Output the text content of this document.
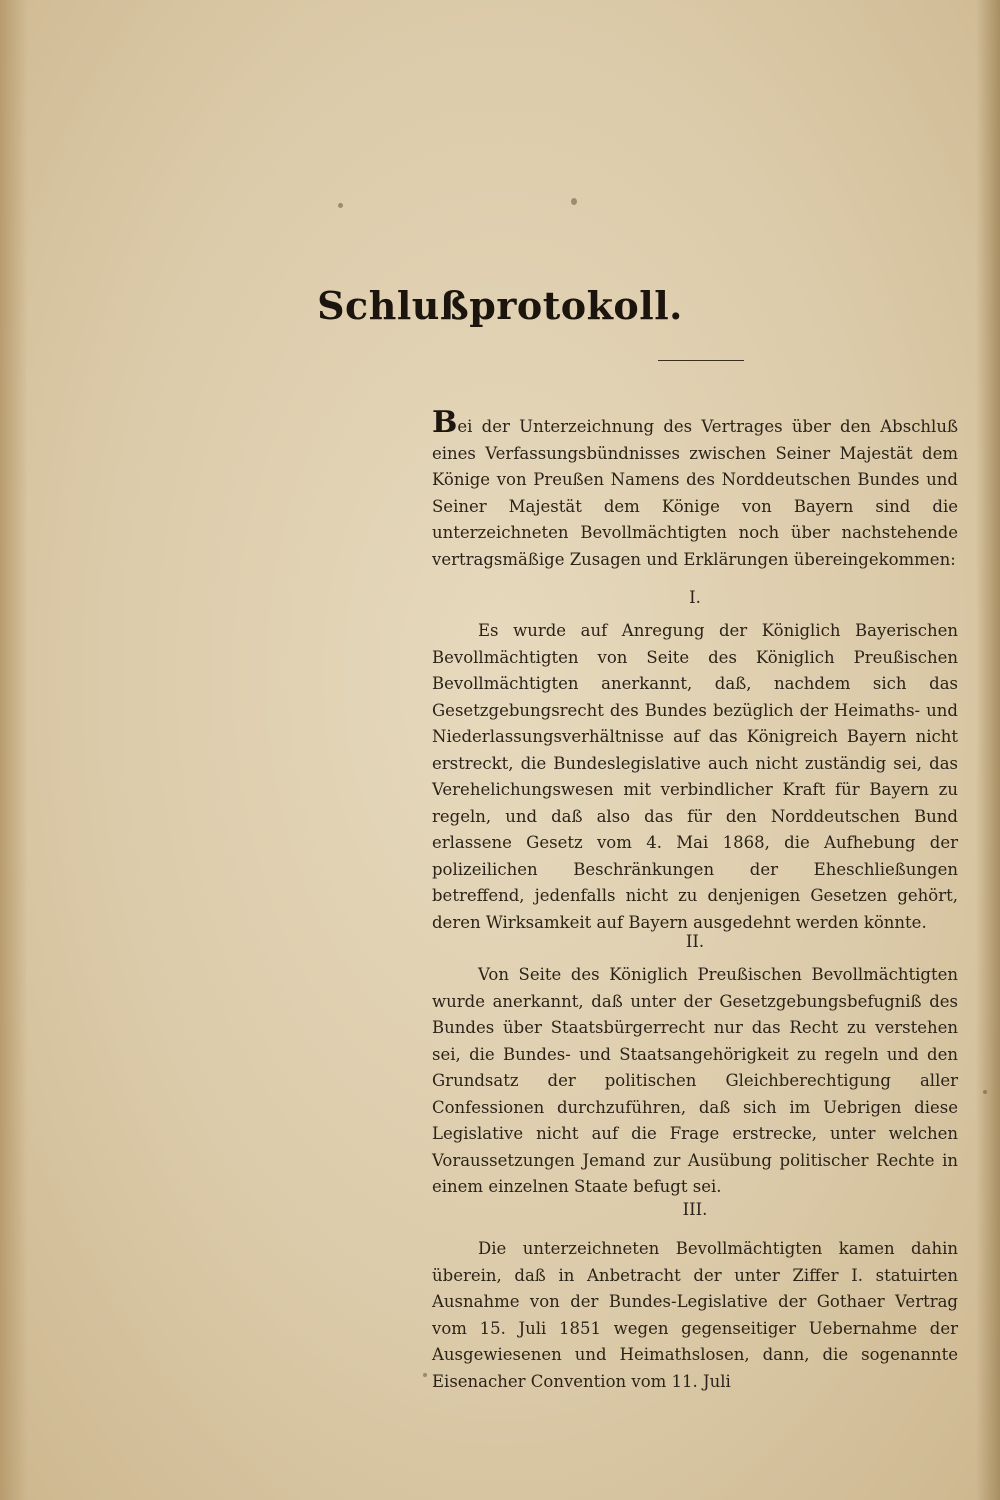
Schlußprotokoll.
Bei der Unterzeichnung des Vertrages über den Abschluß eines Verfassungsbündnisses zwischen Seiner Majestät dem Könige von Preußen Namens des Norddeutschen Bundes und Seiner Majestät dem Könige von Bayern sind die unterzeichneten Bevollmächtigten noch über nachstehende vertragsmäßige Zusagen und Erklärungen übereingekommen:
I.
Es wurde auf Anregung der Königlich Bayerischen Bevollmächtigten von Seite des Königlich Preußischen Bevollmächtigten anerkannt, daß, nachdem sich das Gesetzgebungsrecht des Bundes bezüglich der Heimaths- und Niederlassungsverhältnisse auf das Königreich Bayern nicht erstreckt, die Bundeslegislative auch nicht zuständig sei, das Verehelichungswesen mit verbindlicher Kraft für Bayern zu regeln, und daß also das für den Norddeutschen Bund erlassene Gesetz vom 4. Mai 1868, die Aufhebung der polizeilichen Beschränkungen der Eheschließungen betreffend, jedenfalls nicht zu denjenigen Gesetzen gehört, deren Wirksamkeit auf Bayern ausgedehnt werden könnte.
II.
Von Seite des Königlich Preußischen Bevollmächtigten wurde anerkannt, daß unter der Gesetzgebungsbefugniß des Bundes über Staatsbürgerrecht nur das Recht zu verstehen sei, die Bundes- und Staatsangehörigkeit zu regeln und den Grundsatz der politischen Gleichberechtigung aller Confessionen durchzuführen, daß sich im Uebrigen diese Legislative nicht auf die Frage erstrecke, unter welchen Voraussetzungen Jemand zur Ausübung politischer Rechte in einem einzelnen Staate befugt sei.
III.
Die unterzeichneten Bevollmächtigten kamen dahin überein, daß in Anbetracht der unter Ziffer I. statuirten Ausnahme von der Bundes-Legislative der Gothaer Vertrag vom 15. Juli 1851 wegen gegenseitiger Uebernahme der Ausgewiesenen und Heimathslosen, dann, die sogenannte Eisenacher Convention vom 11. Juli
